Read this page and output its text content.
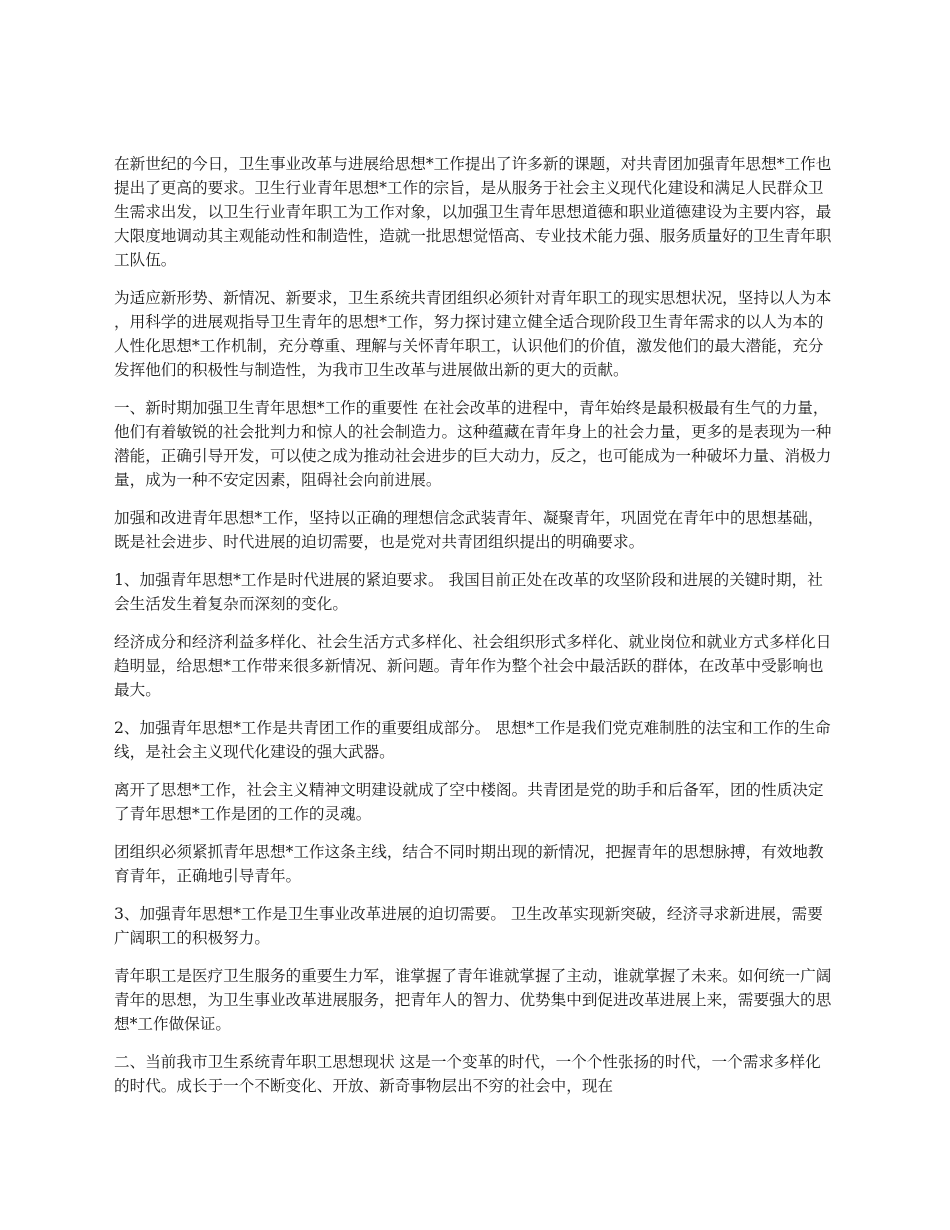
在新世纪的今日，卫生事业改革与进展给思想*工作提出了许多新的课题，对共青团加强青年思想*工作也提出了更高的要求。卫生行业青年思想*工作的宗旨，是从服务于社会主义现代化建设和满足人民群众卫生需求出发，以卫生行业青年职工为工作对象，以加强卫生青年思想道德和职业道德建设为主要内容，最大限度地调动其主观能动性和制造性，造就一批思想觉悟高、专业技术能力强、服务质量好的卫生青年职工队伍。

为适应新形势、新情况、新要求，卫生系统共青团组织必须针对青年职工的现实思想状况，坚持以人为本，用科学的进展观指导卫生青年的思想*工作，努力探讨建立健全适合现阶段卫生青年需求的以人为本的人性化思想*工作机制，充分尊重、理解与关怀青年职工，认识他们的价值，激发他们的最大潜能，充分发挥他们的积极性与制造性，为我市卫生改革与进展做出新的更大的贡献。

一、新时期加强卫生青年思想*工作的重要性 在社会改革的进程中，青年始终是最积极最有生气的力量，他们有着敏锐的社会批判力和惊人的社会制造力。这种蕴藏在青年身上的社会力量，更多的是表现为一种潜能，正确引导开发，可以使之成为推动社会进步的巨大动力，反之，也可能成为一种破坏力量、消极力量，成为一种不安定因素，阻碍社会向前进展。

加强和改进青年思想*工作，坚持以正确的理想信念武装青年、凝聚青年，巩固党在青年中的思想基础，既是社会进步、时代进展的迫切需要，也是党对共青团组织提出的明确要求。

1、加强青年思想*工作是时代进展的紧迫要求。 我国目前正处在改革的攻坚阶段和进展的关键时期，社会生活发生着复杂而深刻的变化。

经济成分和经济利益多样化、社会生活方式多样化、社会组织形式多样化、就业岗位和就业方式多样化日趋明显，给思想*工作带来很多新情况、新问题。青年作为整个社会中最活跃的群体，在改革中受影响也最大。

2、加强青年思想*工作是共青团工作的重要组成部分。 思想*工作是我们党克难制胜的法宝和工作的生命线，是社会主义现代化建设的强大武器。

离开了思想*工作，社会主义精神文明建设就成了空中楼阁。共青团是党的助手和后备军，团的性质决定了青年思想*工作是团的工作的灵魂。

团组织必须紧抓青年思想*工作这条主线，结合不同时期出现的新情况，把握青年的思想脉搏，有效地教育青年，正确地引导青年。

3、加强青年思想*工作是卫生事业改革进展的迫切需要。 卫生改革实现新突破，经济寻求新进展，需要广阔职工的积极努力。

青年职工是医疗卫生服务的重要生力军，谁掌握了青年谁就掌握了主动，谁就掌握了未来。如何统一广阔青年的思想，为卫生事业改革进展服务，把青年人的智力、优势集中到促进改革进展上来，需要强大的思想*工作做保证。

二、当前我市卫生系统青年职工思想现状 这是一个变革的时代，一个个性张扬的时代，一个需求多样化的时代。成长于一个不断变化、开放、新奇事物层出不穷的社会中，现在
